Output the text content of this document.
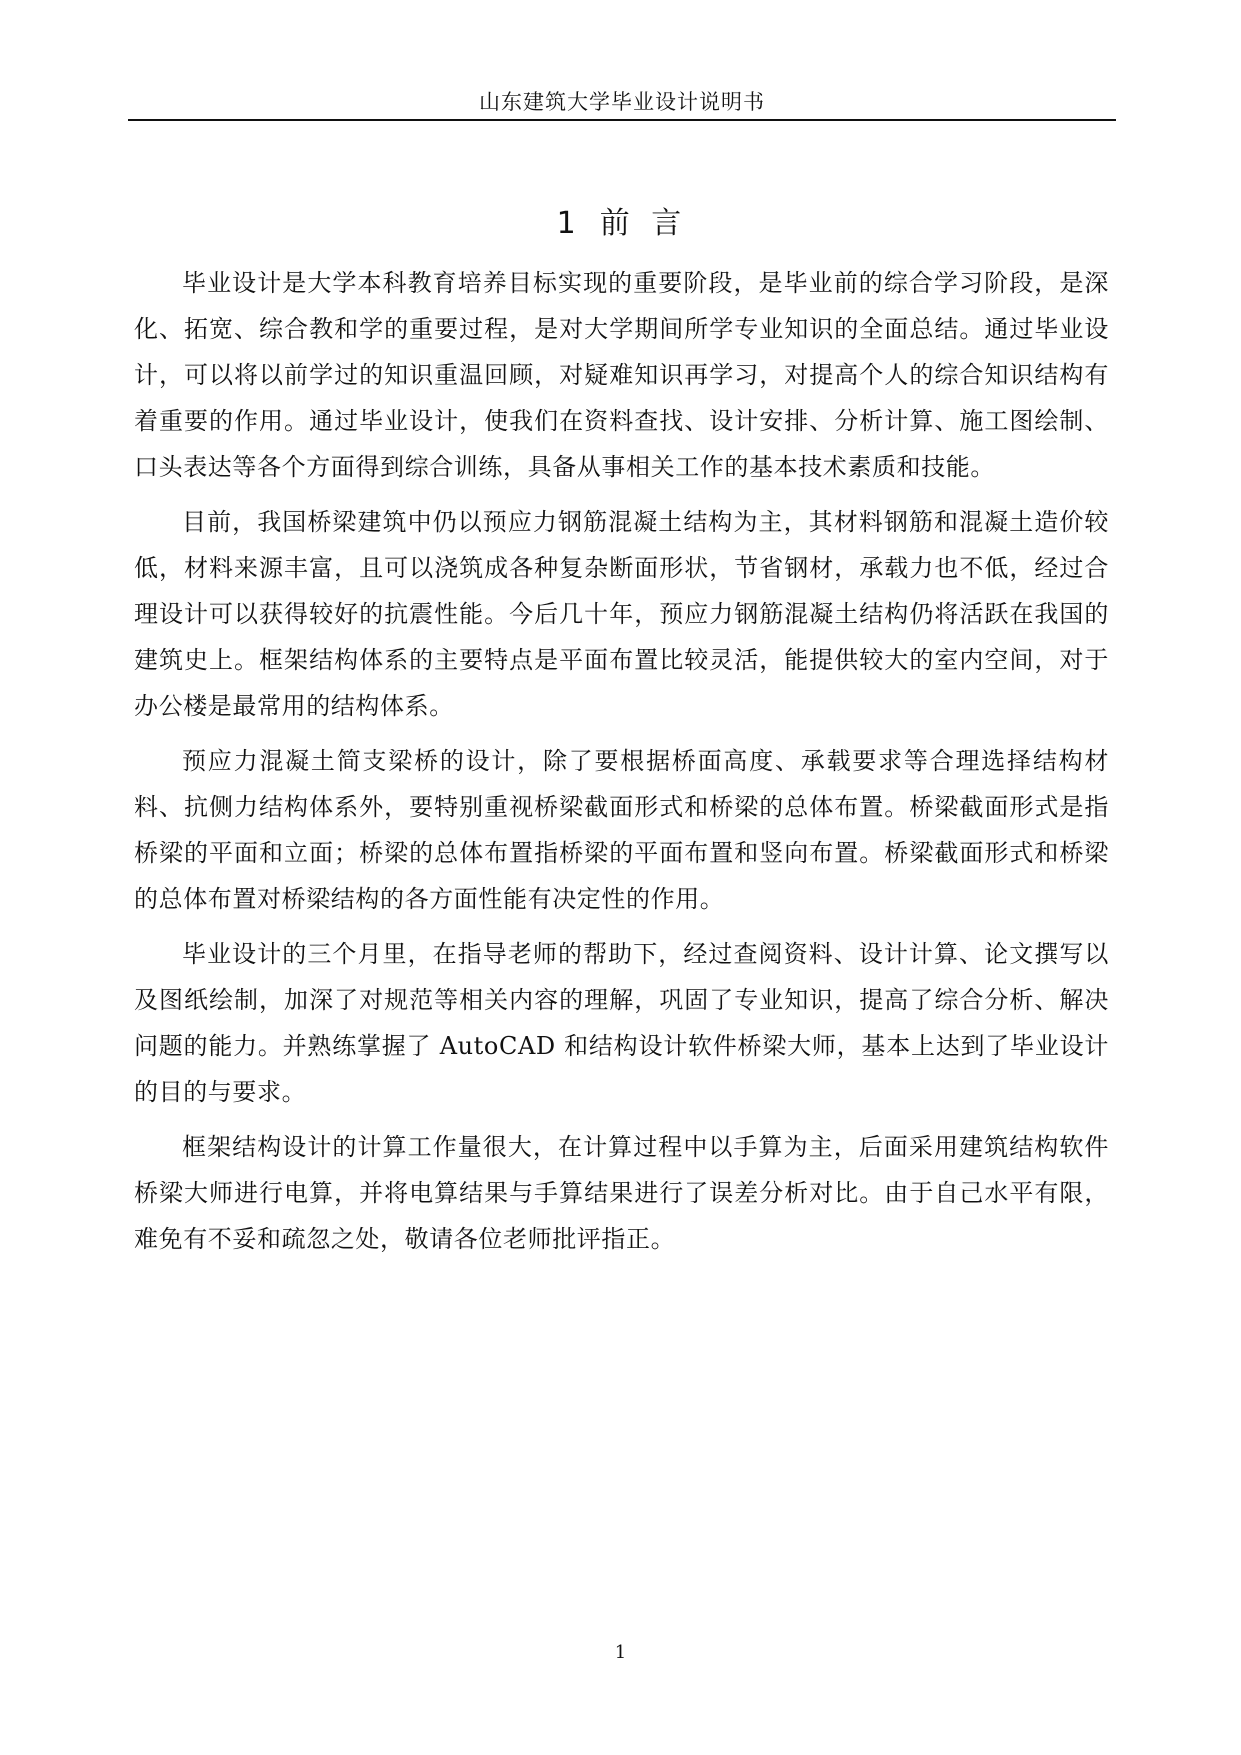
山东建筑大学毕业设计说明书
1 前 言

毕业设计是大学本科教育培养目标实现的重要阶段，是毕业前的综合学习阶段，是深化、拓宽、综合教和学的重要过程，是对大学期间所学专业知识的全面总结。通过毕业设计，可以将以前学过的知识重温回顾，对疑难知识再学习，对提高个人的综合知识结构有着重要的作用。通过毕业设计，使我们在资料查找、设计安排、分析计算、施工图绘制、口头表达等各个方面得到综合训练，具备从事相关工作的基本技术素质和技能。

目前，我国桥梁建筑中仍以预应力钢筋混凝土结构为主，其材料钢筋和混凝土造价较低，材料来源丰富，且可以浇筑成各种复杂断面形状，节省钢材，承载力也不低，经过合理设计可以获得较好的抗震性能。今后几十年，预应力钢筋混凝土结构仍将活跃在我国的建筑史上。框架结构体系的主要特点是平面布置比较灵活，能提供较大的室内空间，对于办公楼是最常用的结构体系。

预应力混凝土简支梁桥的设计，除了要根据桥面高度、承载要求等合理选择结构材料、抗侧力结构体系外，要特别重视桥梁截面形式和桥梁的总体布置。桥梁截面形式是指桥梁的平面和立面；桥梁的总体布置指桥梁的平面布置和竖向布置。桥梁截面形式和桥梁的总体布置对桥梁结构的各方面性能有决定性的作用。

毕业设计的三个月里，在指导老师的帮助下，经过查阅资料、设计计算、论文撰写以及图纸绘制，加深了对规范等相关内容的理解，巩固了专业知识，提高了综合分析、解决问题的能力。并熟练掌握了 AutoCAD 和结构设计软件桥梁大师，基本上达到了毕业设计的目的与要求。

框架结构设计的计算工作量很大，在计算过程中以手算为主，后面采用建筑结构软件桥梁大师进行电算，并将电算结果与手算结果进行了误差分析对比。由于自己水平有限，难免有不妥和疏忽之处，敬请各位老师批评指正。

1
